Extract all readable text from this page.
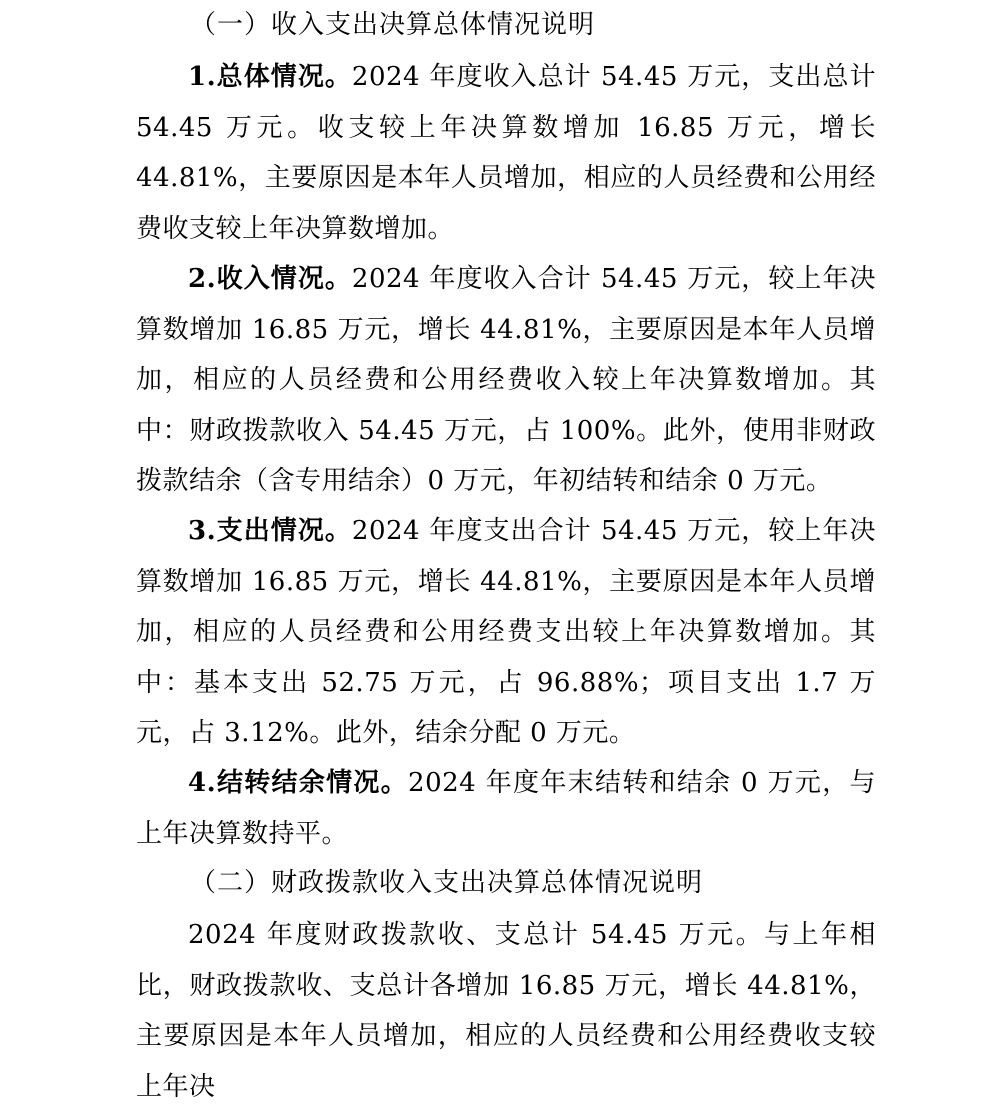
（一）收入支出决算总体情况说明
1.总体情况。2024 年度收入总计 54.45 万元，支出总计 54.45 万元。收支较上年决算数增加 16.85 万元，增长 44.81%，主要原因是本年人员增加，相应的人员经费和公用经费收支较上年决算数增加。
2.收入情况。2024 年度收入合计 54.45 万元，较上年决算数增加 16.85 万元，增长 44.81%，主要原因是本年人员增加，相应的人员经费和公用经费收入较上年决算数增加。其中：财政拨款收入 54.45 万元，占 100%。此外，使用非财政拨款结余（含专用结余）0 万元，年初结转和结余 0 万元。
3.支出情况。2024 年度支出合计 54.45 万元，较上年决算数增加 16.85 万元，增长 44.81%，主要原因是本年人员增加，相应的人员经费和公用经费支出较上年决算数增加。其中：基本支出 52.75 万元，占 96.88%；项目支出 1.7 万元，占 3.12%。此外，结余分配 0 万元。
4.结转结余情况。2024 年度年末结转和结余 0 万元，与上年决算数持平。
（二）财政拨款收入支出决算总体情况说明
2024 年度财政拨款收、支总计 54.45 万元。与上年相比，财政拨款收、支总计各增加 16.85 万元，增长 44.81%，主要原因是本年人员增加，相应的人员经费和公用经费收支较上年决
